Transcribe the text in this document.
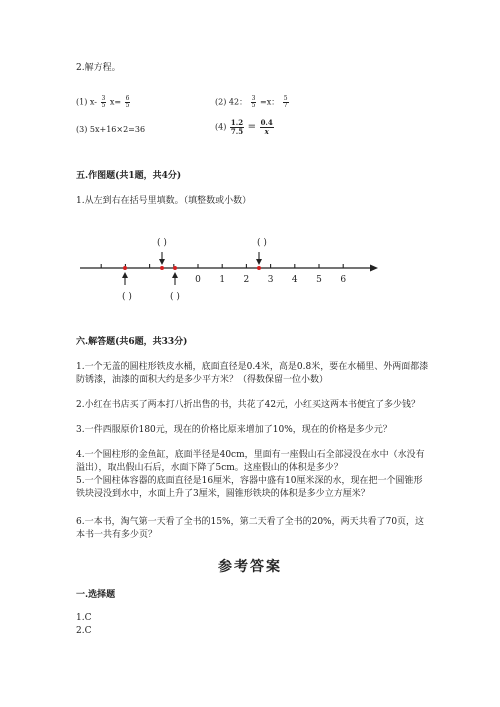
2.解方程。
(1) $x- \frac{3}{5} x= \frac{6}{5}$	(2) 42： $\frac{3}{5} =x$： $\frac{5}{7}$
(3) 5x+16×2=36	$(4) \frac{1.2}{7.5} = \frac{0.4}{x}$
五.作图题(共1题，共4分)
1.从左到右在括号里填数。（填整数或小数）
0 1 2 3 4 5 6
( )	( )
( )	( )
六.解答题(共6题，共33分)
1.一个无盖的圆柱形铁皮水桶，底面直径是0.4米，高是0.8米，要在水桶里、外两面都漆防锈漆，油漆的面积大约是多少平方米？（得数保留一位小数）
2.小红在书店买了两本打八折出售的书，共花了42元，小红买这两本书便宜了多少钱？
3.一件西服原价180元，现在的价格比原来增加了10%，现在的价格是多少元？
4.一个圆柱形的金鱼缸，底面半径是40cm，里面有一座假山石全部浸没在水中（水没有溢出），取出假山石后，水面下降了5cm。这座假山的体积是多少？
5.一个圆柱体容器的底面直径是16厘米，容器中盛有10厘米深的水，现在把一个圆锥形铁块浸没到水中，水面上升了3厘米，圆锥形铁块的体积是多少立方厘米？
6.一本书，淘气第一天看了全书的15%，第二天看了全书的20%，两天共看了70页，这本书一共有多少页？
参考答案
一.选择题
1.C
2.C
